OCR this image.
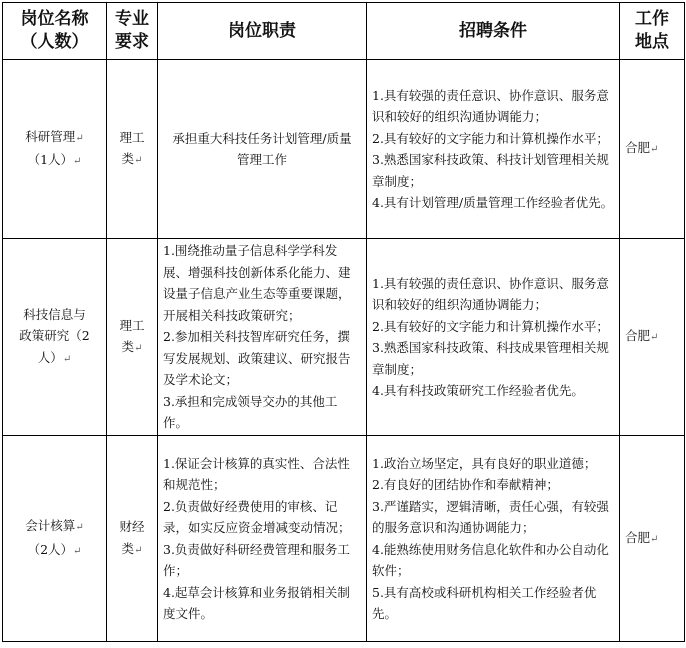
岗位名称
（人数）	专业
要求	岗位职责	招聘条件	工作
地点
科研管理↵
（1人）↵	理工
类↵	承担重大科技任务计划管理/质量管理工作	1.具有较强的责任意识、协作意识、服务意识和较好的组织沟通协调能力；
2.具有较好的文字能力和计算机操作水平；
3.熟悉国家科技政策、科技计划管理相关规章制度；
4.具有计划管理/质量管理工作经验者优先。	合肥↵
科技信息与
政策研究（2
人）↵	理工
类↵	1.围绕推动量子信息科学学科发展、增强科技创新体系化能力、建设量子信息产业生态等重要课题，开展相关科技政策研究；
2.参加相关科技智库研究任务，撰写发展规划、政策建议、研究报告及学术论文；
3.承担和完成领导交办的其他工作。	1.具有较强的责任意识、协作意识、服务意识和较好的组织沟通协调能力；
2.具有较好的文字能力和计算机操作水平；
3.熟悉国家科技政策、科技成果管理相关规章制度；
4.具有科技政策研究工作经验者优先。	合肥↵
会计核算↵
（2人）↵	财经
类↵	1.保证会计核算的真实性、合法性和规范性；
2.负责做好经费使用的审核、记录，如实反应资金增减变动情况；
3.负责做好科研经费管理和服务工作；
4.起草会计核算和业务报销相关制度文件。	1.政治立场坚定，具有良好的职业道德；
2.有良好的团结协作和奉献精神；
3.严谨踏实，逻辑清晰，责任心强，有较强的服务意识和沟通协调能力；
4.能熟练使用财务信息化软件和办公自动化软件；
5.具有高校或科研机构相关工作经验者优先。	合肥↵
